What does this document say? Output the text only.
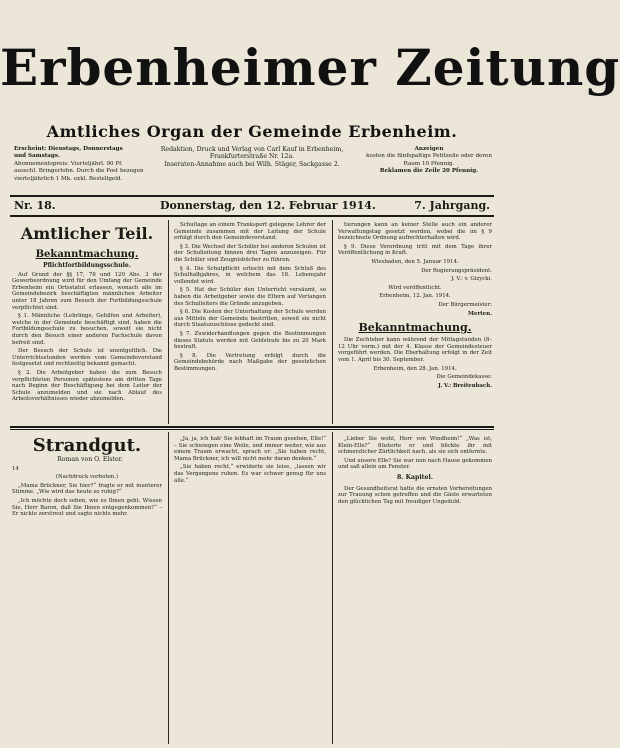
Erbenheimer Zeitung
Amtliches Organ der Gemeinde Erbenheim.
Erscheint: Dienstags, Donnerstags
und Samstags.
Abonnementspreis: Vierteljährl. 90 Pf.
ausschl. Bringerlohn. Durch die Post bezogen
vierteljährlich 1 Mk. exkl. Bestellgeld.
Redaktion, Druck und Verlag von Carl Kauf in Erbenheim,
Frankfurterstraße Nr. 12a.
Inseraten-Annahme auch bei Wilh. Stäger, Sackgasse 2.
Anzeigen
kosten die fünfspaltige Petitzeile oder deren
Raum 10 Pfennig.
Reklamen die Zeile 20 Pfennig.
Nr. 18.	Donnerstag, den 12. Februar 1914.	7. Jahrgang.
Amtlicher Teil.
Bekanntmachung.
Pflichtfortbildungsschule.

Auf Grund der §§ 17, 76 und 120 Abs. 3 der Gewerbeordnung wird für den Umfang der Gemeinde Erbenheim ein Ortsstatut erlassen, wonach alle im Gemeindebezirk beschäftigten männlichen Arbeiter unter 18 Jahren zum Besuch der Fortbildungsschule verpflichtet sind.

§ 1. Männliche (Lehrlinge, Gehilfen und Arbeiter), welche in der Gemeinde beschäftigt sind, haben die Fortbildungsschule zu besuchen, soweit sie nicht durch den Besuch einer anderen Fachschule davon befreit sind.

Der Besuch der Schule ist unentgeltlich. Die Unterrichtsstunden werden vom Gemeindevorstand festgesetzt und rechtzeitig bekannt gemacht.

§ 2. Die Arbeitgeber haben die zum Besuch verpflichteten Personen spätestens am dritten Tage nach Beginn der Beschäftigung bei dem Leiter der Schule anzumelden und sie nach Ablauf des Arbeitsverhältnisses wieder abzumelden.

Schultage an einem Tranksport gelegene Lehrer der Gemeinde zusammen mit der Leitung der Schule erfolgt durch den Gemeindevorstand.

§ 3. Die Wechsel der Schüler bei anderen Schulen ist der Schulleitung binnen drei Tagen anzuzeigen. Für die Schüler sind Zeugnisbücher zu führen.

§ 4. Die Schulpflicht erlischt mit dem Schluß des Schulhalbjahres, in welchem das 18. Lebensjahr vollendet wird.

§ 5. Hat der Schüler den Unterricht versäumt, so haben die Arbeitgeber sowie die Eltern auf Verlangen des Schulleiters die Gründe anzugeben.

§ 6. Die Kosten der Unterhaltung der Schule werden aus Mitteln der Gemeinde bestritten, soweit sie nicht durch Staatszuschüsse gedeckt sind.

§ 7. Zuwiderhandlungen gegen die Bestimmungen dieses Statuts werden mit Geldstrafe bis zu 20 Mark bestraft.

§ 8. Die Vertretung erfolgt durch die Gemeindebehörde nach Maßgabe der gesetzlichen Bestimmungen.

tierungen kann an keiner Stelle auch ein anderer Verwaltungstag gesetzt werden, wobei die im § 9 bezeichnete Ordnung aufrechterhalten wird.

§ 9. Diese Verordnung tritt mit dem Tage ihrer Veröffentlichung in Kraft.

Wiesbaden, den 5. Januar 1914.

Der Regierungspräsident.

J. V.: v. Gizycki.

Wird veröffentlicht.

Erbenheim, 12. Jan. 1914.

Der Bürgermeister:

Merten.

Bekanntmachung.

Die Zuchteber kann während der Mittagstunden (8–12 Uhr vorm.) mit der 4. Klasse der Gemeindesteuer vorgeführt werden. Die Eberhaltung erfolgt in der Zeit vom 1. April bis 30. September.

Erbenheim, den 28. Jan. 1914.

Die Gemeindekasse:

J. V.: Breitenbach.

Strandgut.

Roman von O. Elster.

14

(Nachdruck verboten.)

„Mama Brückner, Sie hier?“ fragte er mit munterer Stimme. „Wie wird das heute so ruhig?“

„Ich möchte doch sehen, wie es Ihnen geht. Wissen Sie, Herr Baron, daß Sie Ihnen entgegenkommen?“ – Er nickte zerstreut und sagte nichts mehr.

„Ja, ja, ich hab' Sie lebhaft im Traum gesehen, Elle!“ – Sie schwiegen eine Weile, und immer weiter, wie aus einem Traum erwacht, sprach er: „Sie haben recht, Mama Brückner, ich will nicht mehr daran denken.“

„Sie haben recht,“ erwiderte sie leise, „lassen wir das Vergangene ruhen. Es war schwer genug für uns alle.“

„Lieber Sie wohl, Herr von Windheim!“ „Was ist, Klein-Elle?“ flüsterte er und blickte ihr mit schmerzlicher Zärtlichkeit nach, als sie sich entfernte.

Und unsere Elle? Sie war nun nach Hause gekommen und saß allein am Fenster.

8. Kapitel.

Der Gesundheitsrat hatte die ernsten Vorbereitungen zur Trauung schon getroffen und die Gäste erwarteten den glücklichen Tag mit freudiger Ungeduld.
